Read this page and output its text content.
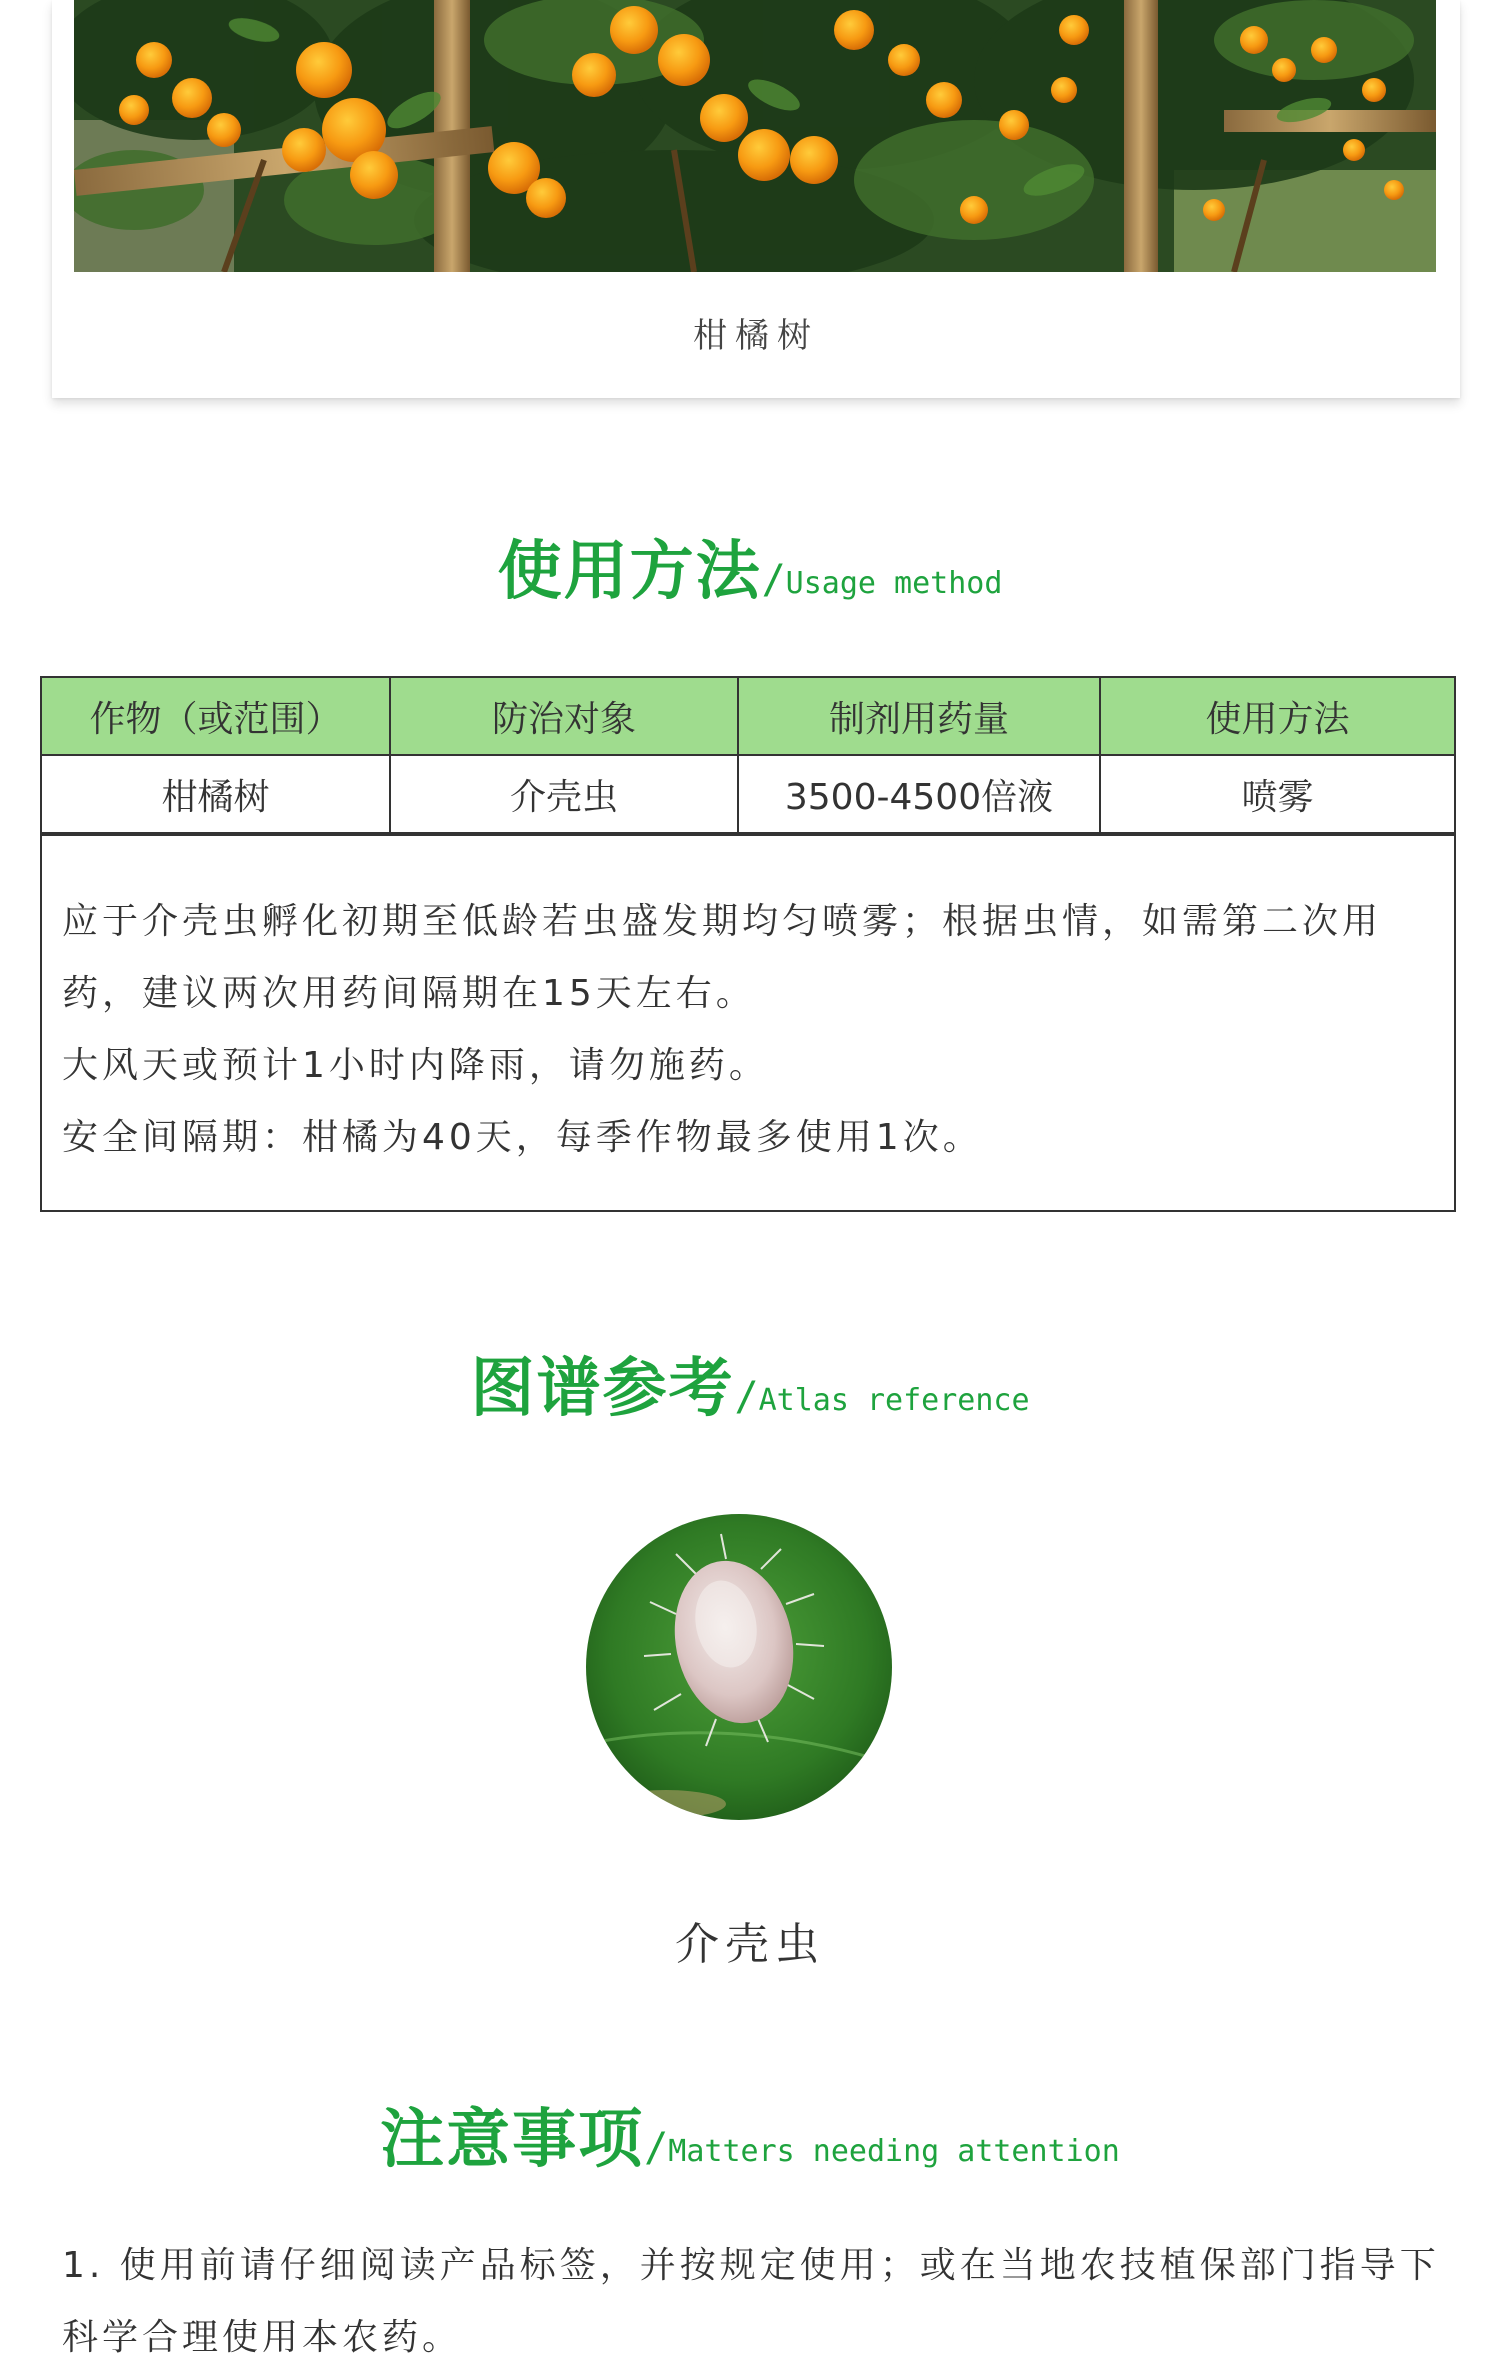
柑橘树
使用方法/Usage method
作物（或范围）	防治对象	制剂用药量	使用方法
柑橘树	介壳虫	3500-4500倍液	喷雾

应于介壳虫孵化初期至低龄若虫盛发期均匀喷雾；根据虫情，如需第二次用药，建议两次用药间隔期在15天左右。

大风天或预计1小时内降雨，请勿施药。

安全间隔期：柑橘为40天，每季作物最多使用1次。

图谱参考/Atlas reference
介壳虫
注意事项/Matters needing attention

1. 使用前请仔细阅读产品标签，并按规定使用；或在当地农技植保部门指导下科学合理使用本农药。
